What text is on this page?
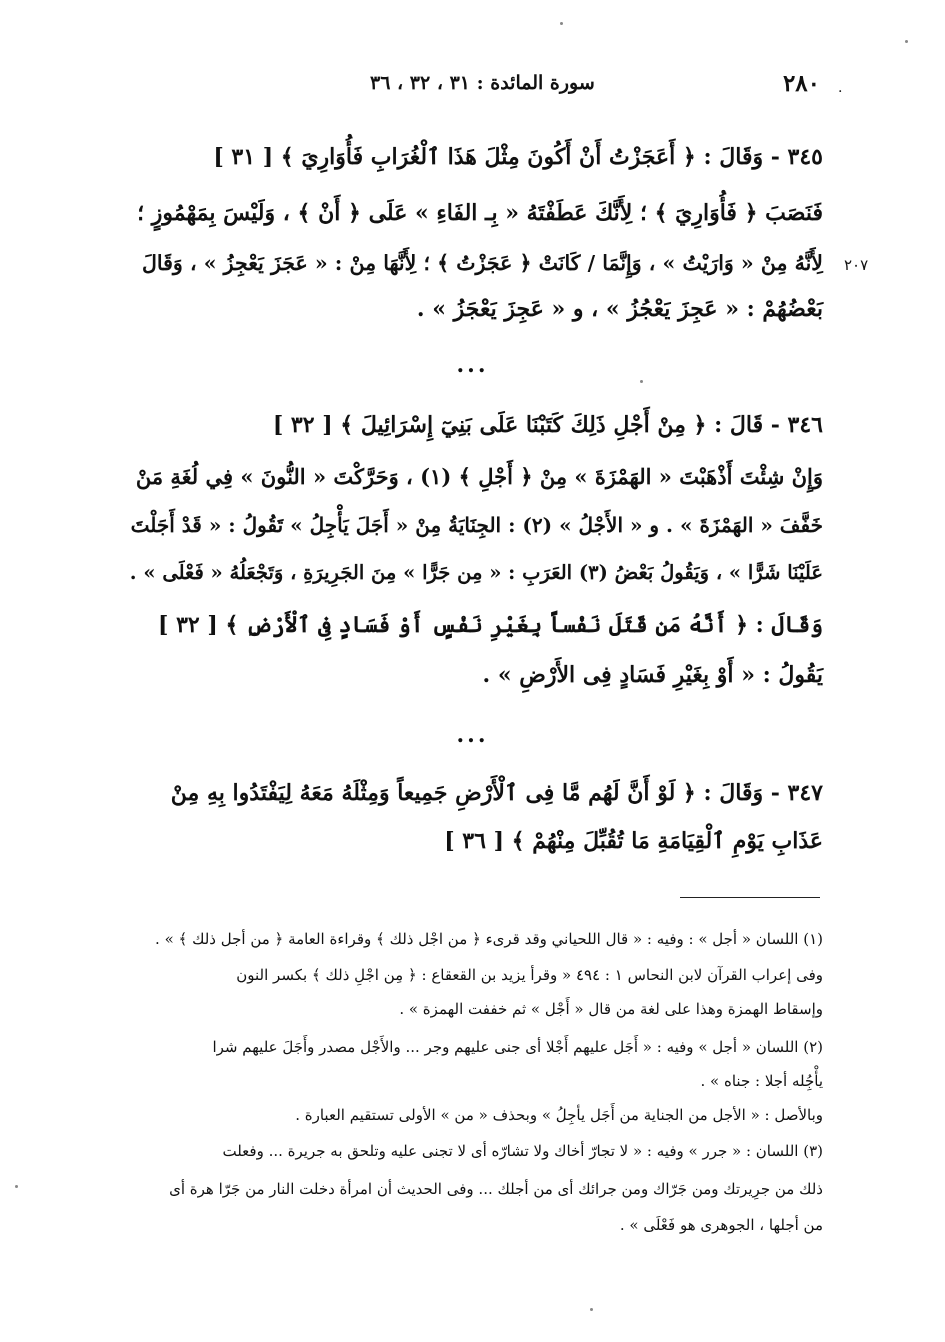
٢٨٠
سورة المائدة : ٣١ ، ٣٢ ، ٣٦	.
٢٠٧
٣٤٥ - وَقَالَ : ﴿ أَعَجَزْتُ أَنْ أَكُونَ مِثْلَ هَذَا ٱلْغُرَابِ فَأُوَارِيَ ﴾ [ ٣١ ]
فَنَصَبَ ﴿ فَأُوَارِيَ ﴾ ؛ لِأَنَّكَ عَطَفْتَهُ « بِـ الفَاءِ » عَلَى ﴿ أَنْ ﴾ ، وَلَيْسَ بِمَهْمُوزٍ ؛
لِأَنَّهُ مِنْ « وَارَيْتُ » ، وَإِنَّمَا / كَانَتْ ﴿ عَجَزْتُ ﴾ ؛ لِأَنَّهَا مِنْ : « عَجَزَ يَعْجِزُ » ، وَقَالَ
بَعْضُهُمْ : « عَجِزَ يَعْجُزُ » ، و « عَجِزَ يَعْجَزُ » .
...
٣٤٦ - قَالَ : ﴿ مِنْ أَجْلِ ذَلِكَ كَتَبْنَا عَلَى بَنِيٓ إِسْرَائِيلَ ﴾ [ ٣٢ ]
وَإِنْ شِئْتَ أَذْهَبْتَ « الهَمْزَةَ » مِنْ ﴿ أَجْلِ ﴾ (١) ، وَحَرَّكْتَ « النُّونَ » فِي لُغَةِ مَنْ
خَفَّفَ « الهَمْزَةَ » . و « الأَجْلُ » (٢) : الجِنَايَةُ مِنْ « أَجَلَ يَأْجِلُ » تَقُولُ : « قَدْ أَجَلْتَ
عَلَيْنَا شَرًّا » ، وَيَقُولُ بَعْضُ (٣) العَرَبِ : « مِن جَرًّا » مِنَ الجَرِيرَةِ ، وَتَجْعَلُهُ « فَعْلَى » .
وَقَالَ : ﴿ أَنَّهُ مَن قَتَلَ نَفْساً بِغَيْرِ نَفْسٍ أَوْ فَسَادٍ فِى ٱلْأَرْضِ ﴾ [ ٣٢ ]
يَقُولُ : « أَوْ بِغَيْرِ فَسَادٍ فِى الأَرْضِ » .
...
٣٤٧ - وَقَالَ : ﴿ لَوْ أَنَّ لَهُم مَّا فِى ٱلْأَرْضِ جَمِيعاً وَمِثْلَهُ مَعَهُ لِيَفْتَدُوا بِهِ مِنْ
عَذَابِ يَوْمِ ٱلْقِيَامَةِ مَا تُقُبِّلَ مِنْهُمْ ﴾ [ ٣٦ ]
(١) اللسان « أجل » : وفيه : « قال اللحياني وقد قرىء ﴿ من اجْل ذلك ﴾ وقراءة العامة ﴿ من أجل ذلك ﴾ » .
وفى إعراب القرآن لابن النحاس ١ : ٤٩٤ « وقرأ يزيد بن القعقاع : ﴿ مِن اجْلِ ذلك ﴾ بكسر النون
وإسقاط الهمزة وهذا على لغة من قال « أَجْل » ثم خففت الهمزة » .
(٢) اللسان « أجل » وفيه : « أَجَل عليهم أَجْلا أى جنى عليهم وجر ... والأَجْل مصدر وأَجَلَ عليهم شرا
يأْجُِله أجلا : جناه » .
وبالأصل : « الأجل من الجناية من أَجَل يأجِلُ » وبحذف « من » الأولى تستقيم العبارة .
(٣) اللسان : « جرر » وفيه : « لا تجارّ أخاك ولا تشارّه أى لا تجنى عليه وتلحق به جريرة ... وفعلت
ذلك من جرِيرتك ومن جَرّاك ومن جرائك أى من أجلك ... وفى الحديث أن امرأة دخلت النار من جَرّا هرة أى
من أجلها ، الجوهرى هو فَعْلَى » .
